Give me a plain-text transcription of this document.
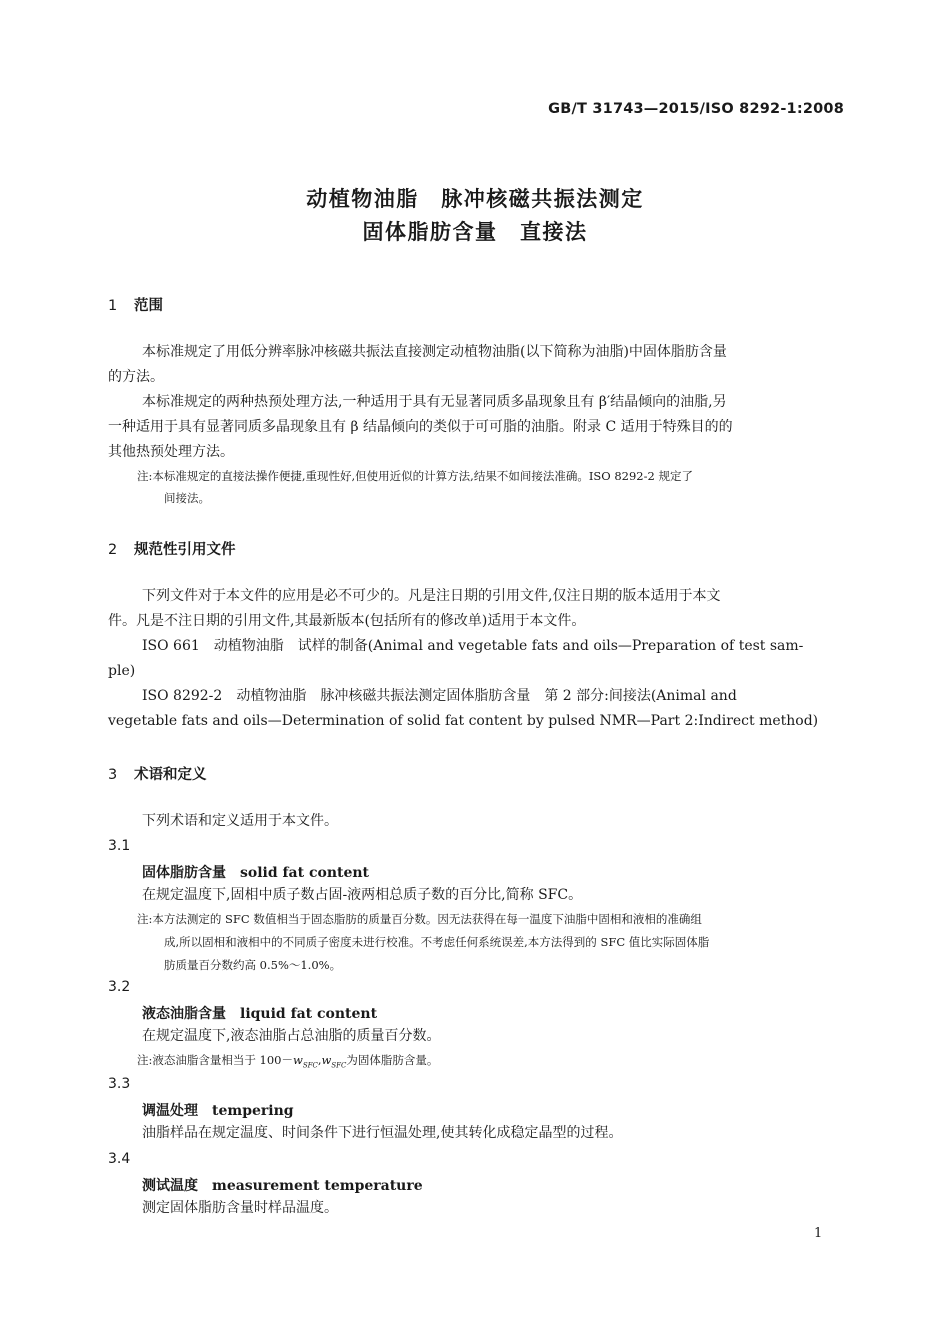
GB/T 31743—2015/ISO 8292-1:2008
动植物油脂　脉冲核磁共振法测定
固体脂肪含量　直接法
1 范围
本标准规定了用低分辨率脉冲核磁共振法直接测定动植物油脂(以下简称为油脂)中固体脂肪含量
的方法。
本标准规定的两种热预处理方法,一种适用于具有无显著同质多晶现象且有 β′结晶倾向的油脂,另
一种适用于具有显著同质多晶现象且有 β 结晶倾向的类似于可可脂的油脂。附录 C 适用于特殊目的的
其他热预处理方法。
注:本标准规定的直接法操作便捷,重现性好,但使用近似的计算方法,结果不如间接法准确。ISO 8292-2 规定了
间接法。
2 规范性引用文件
下列文件对于本文件的应用是必不可少的。凡是注日期的引用文件,仅注日期的版本适用于本文
件。凡是不注日期的引用文件,其最新版本(包括所有的修改单)适用于本文件。
ISO 661　动植物油脂　试样的制备(Animal and vegetable fats and oils—Preparation of test sam-
ple)
ISO 8292-2　动植物油脂　脉冲核磁共振法测定固体脂肪含量　第 2 部分:间接法(Animal and
vegetable fats and oils—Determination of solid fat content by pulsed NMR—Part 2:Indirect method)
3 术语和定义
下列术语和定义适用于本文件。
3.1
固体脂肪含量 solid fat content
在规定温度下,固相中质子数占固-液两相总质子数的百分比,简称 SFC。
注:本方法测定的 SFC 数值相当于固态脂肪的质量百分数。因无法获得在每一温度下油脂中固相和液相的准确组
成,所以固相和液相中的不同质子密度未进行校准。不考虑任何系统误差,本方法得到的 SFC 值比实际固体脂
肪质量百分数约高 0.5%～1.0%。
3.2
液态油脂含量 liquid fat content
在规定温度下,液态油脂占总油脂的质量百分数。
注:液态油脂含量相当于 $100-w_{SFC},w_{SFC}$为固体脂肪含量。
3.3
调温处理 tempering
油脂样品在规定温度、时间条件下进行恒温处理,使其转化成稳定晶型的过程。
3.4
测试温度 measurement temperature
测定固体脂肪含量时样品温度。
1
